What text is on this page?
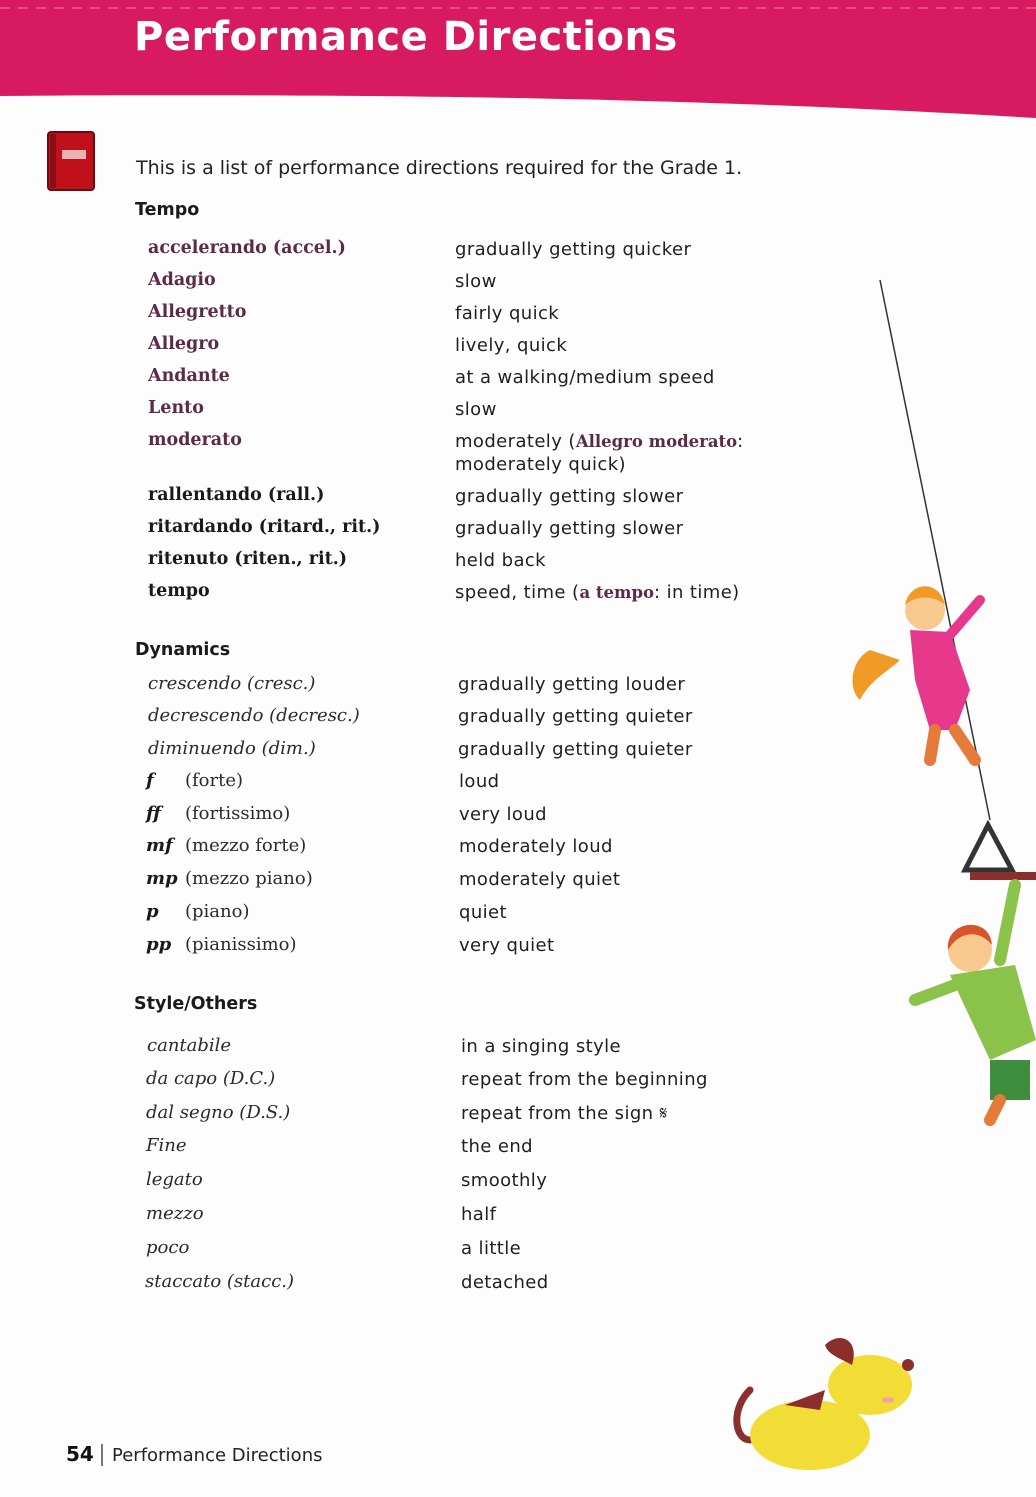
Performance Directions
This is a list of performance directions required for the Grade 1.
Tempo
accelerando (accel.)	gradually getting quicker
Adagio	slow
Allegretto	fairly quick
Allegro	lively, quick
Andante	at a walking/medium speed
Lento	slow
moderato	moderately (Allegro moderato:
moderately quick)
rallentando (rall.)	gradually getting slower
ritardando (ritard., rit.)	gradually getting slower
ritenuto (riten., rit.)	held back
tempo	speed, time (a tempo: in time)
Dynamics
crescendo (cresc.)	gradually getting louder
decrescendo (decresc.)	gradually getting quieter
diminuendo (dim.)	gradually getting quieter
f (forte)	loud
ff (fortissimo)	very loud
mf (mezzo forte)	moderately loud
mp (mezzo piano)	moderately quiet
p (piano)	quiet
pp (pianissimo)	very quiet
Style/Others
cantabile	in a singing style
da capo (D.C.)	repeat from the beginning
dal segno (D.S.)	repeat from the sign 𝄋
Fine	the end
legato	smoothly
mezzo	half
poco	a little
staccato (stacc.)	detached
54 Performance Directions
